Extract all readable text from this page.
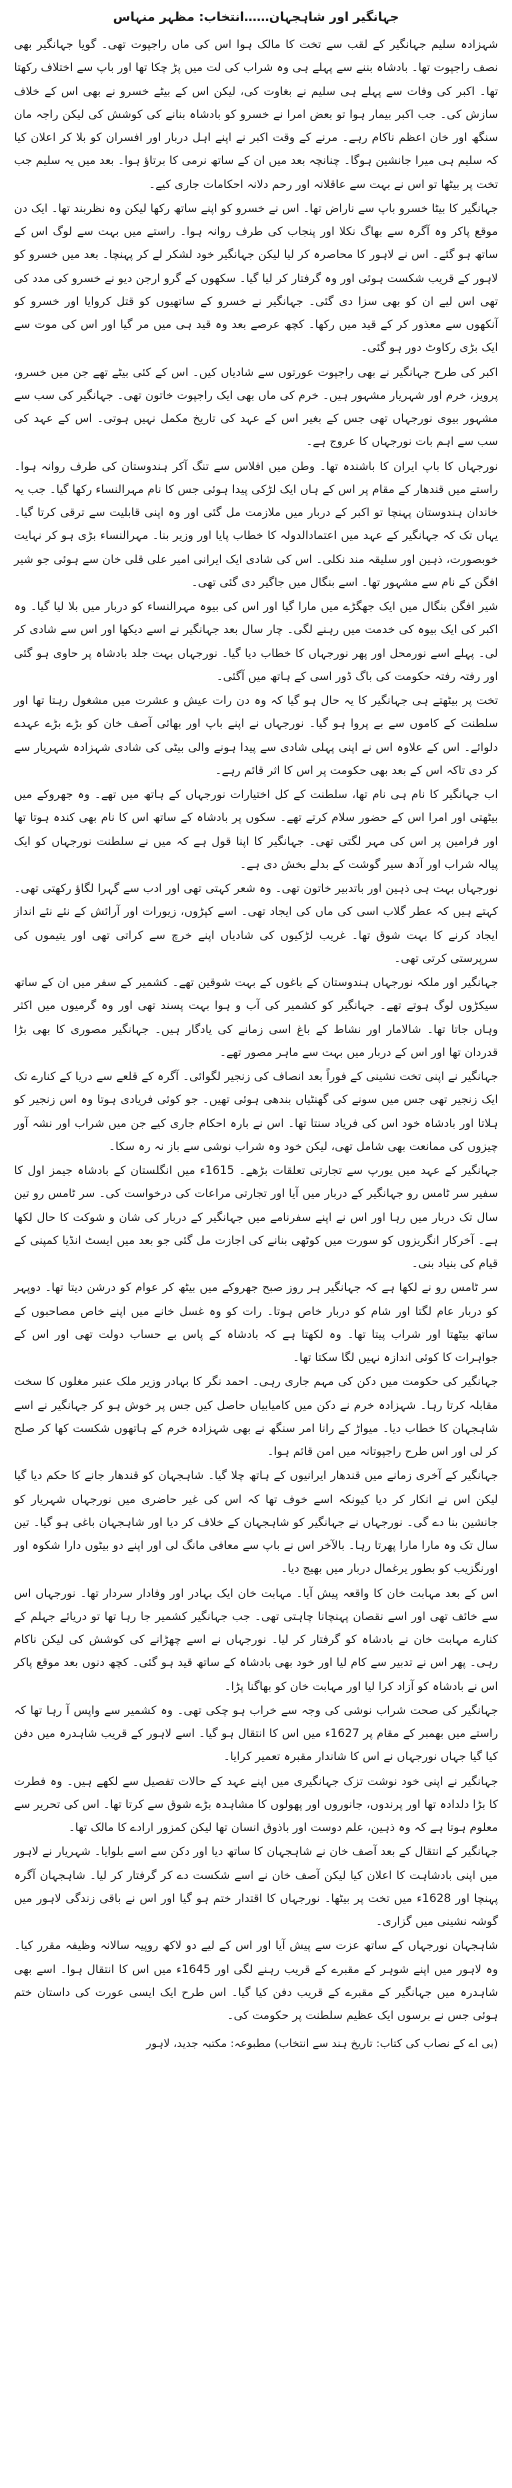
جہانگیر اور شاہجہان……انتخاب: مظہر منہاس

شہزادہ سلیم جہانگیر کے لقب سے تخت کا مالک ہوا اس کی ماں راجپوت تھی۔ گویا جہانگیر بھی نصف راجپوت تھا۔ بادشاہ بننے سے پہلے ہی وہ شراب کی لت میں پڑ چکا تھا اور باپ سے اختلاف رکھتا تھا۔ اکبر کی وفات سے پہلے ہی سلیم نے بغاوت کی، لیکن اس کے بیٹے خسرو نے بھی اس کے خلاف سازش کی۔ جب اکبر بیمار ہوا تو بعض امرا نے خسرو کو بادشاہ بنانے کی کوشش کی لیکن راجہ مان سنگھ اور خان اعظم ناکام رہے۔ مرنے کے وقت اکبر نے اپنے اہل دربار اور افسران کو بلا کر اعلان کیا کہ سلیم ہی میرا جانشین ہوگا۔ چنانچہ بعد میں ان کے ساتھ نرمی کا برتاؤ ہوا۔ بعد میں یہ سلیم جب تخت پر بیٹھا تو اس نے بہت سے عاقلانہ اور رحم دلانہ احکامات جاری کیے۔

جہانگیر کا بیٹا خسرو باپ سے ناراض تھا۔ اس نے خسرو کو اپنے ساتھ رکھا لیکن وہ نظربند تھا۔ ایک دن موقع پاکر وہ آگرہ سے بھاگ نکلا اور پنجاب کی طرف روانہ ہوا۔ راستے میں بہت سے لوگ اس کے ساتھ ہو گئے۔ اس نے لاہور کا محاصرہ کر لیا لیکن جہانگیر خود لشکر لے کر پہنچا۔ بعد میں خسرو کو لاہور کے قریب شکست ہوئی اور وہ گرفتار کر لیا گیا۔ سکھوں کے گرو ارجن دیو نے خسرو کی مدد کی تھی اس لیے ان کو بھی سزا دی گئی۔ جہانگیر نے خسرو کے ساتھیوں کو قتل کروایا اور خسرو کو آنکھوں سے معذور کر کے قید میں رکھا۔ کچھ عرصے بعد وہ قید ہی میں مر گیا اور اس کی موت سے ایک بڑی رکاوٹ دور ہو گئی۔

اکبر کی طرح جہانگیر نے بھی راجپوت عورتوں سے شادیاں کیں۔ اس کے کئی بیٹے تھے جن میں خسرو، پرویز، خرم اور شہریار مشہور ہیں۔ خرم کی ماں بھی ایک راجپوت خاتون تھی۔ جہانگیر کی سب سے مشہور بیوی نورجہاں تھی جس کے بغیر اس کے عہد کی تاریخ مکمل نہیں ہوتی۔ اس کے عہد کی سب سے اہم بات نورجہاں کا عروج ہے۔

نورجہاں کا باپ ایران کا باشندہ تھا۔ وطن میں افلاس سے تنگ آکر ہندوستان کی طرف روانہ ہوا۔ راستے میں قندھار کے مقام پر اس کے ہاں ایک لڑکی پیدا ہوئی جس کا نام مہرالنساء رکھا گیا۔ جب یہ خاندان ہندوستان پہنچا تو اکبر کے دربار میں ملازمت مل گئی اور وہ اپنی قابلیت سے ترقی کرتا گیا۔ یہاں تک کہ جہانگیر کے عہد میں اعتمادالدولہ کا خطاب پایا اور وزیر بنا۔ مہرالنساء بڑی ہو کر نہایت خوبصورت، ذہین اور سلیقہ مند نکلی۔ اس کی شادی ایک ایرانی امیر علی قلی خان سے ہوئی جو شیر افگن کے نام سے مشہور تھا۔ اسے بنگال میں جاگیر دی گئی تھی۔

شیر افگن بنگال میں ایک جھگڑے میں مارا گیا اور اس کی بیوہ مہرالنساء کو دربار میں بلا لیا گیا۔ وہ اکبر کی ایک بیوہ کی خدمت میں رہنے لگی۔ چار سال بعد جہانگیر نے اسے دیکھا اور اس سے شادی کر لی۔ پہلے اسے نورمحل اور پھر نورجہاں کا خطاب دیا گیا۔ نورجہاں بہت جلد بادشاہ پر حاوی ہو گئی اور رفتہ رفتہ حکومت کی باگ ڈور اسی کے ہاتھ میں آگئی۔

تخت پر بیٹھتے ہی جہانگیر کا یہ حال ہو گیا کہ وہ دن رات عیش و عشرت میں مشغول رہتا تھا اور سلطنت کے کاموں سے بے پروا ہو گیا۔ نورجہاں نے اپنے باپ اور بھائی آصف خان کو بڑے بڑے عہدے دلوائے۔ اس کے علاوہ اس نے اپنی پہلی شادی سے پیدا ہونے والی بیٹی کی شادی شہزادہ شہریار سے کر دی تاکہ اس کے بعد بھی حکومت پر اس کا اثر قائم رہے۔

اب جہانگیر کا نام ہی نام تھا، سلطنت کے کل اختیارات نورجہاں کے ہاتھ میں تھے۔ وہ جھروکے میں بیٹھتی اور امرا اس کے حضور سلام کرتے تھے۔ سکوں پر بادشاہ کے ساتھ اس کا نام بھی کندہ ہوتا تھا اور فرامین پر اس کی مہر لگتی تھی۔ جہانگیر کا اپنا قول ہے کہ میں نے سلطنت نورجہاں کو ایک پیالہ شراب اور آدھ سیر گوشت کے بدلے بخش دی ہے۔

نورجہاں بہت ہی ذہین اور باتدبیر خاتون تھی۔ وہ شعر کہتی تھی اور ادب سے گہرا لگاؤ رکھتی تھی۔ کہتے ہیں کہ عطر گلاب اسی کی ماں کی ایجاد تھی۔ اسے کپڑوں، زیورات اور آرائش کے نئے نئے انداز ایجاد کرنے کا بہت شوق تھا۔ غریب لڑکیوں کی شادیاں اپنے خرچ سے کراتی تھی اور یتیموں کی سرپرستی کرتی تھی۔

جہانگیر اور ملکہ نورجہاں ہندوستان کے باغوں کے بہت شوقین تھے۔ کشمیر کے سفر میں ان کے ساتھ سیکڑوں لوگ ہوتے تھے۔ جہانگیر کو کشمیر کی آب و ہوا بہت پسند تھی اور وہ گرمیوں میں اکثر وہاں جاتا تھا۔ شالامار اور نشاط کے باغ اسی زمانے کی یادگار ہیں۔ جہانگیر مصوری کا بھی بڑا قدردان تھا اور اس کے دربار میں بہت سے ماہر مصور تھے۔

جہانگیر نے اپنی تخت نشینی کے فوراً بعد انصاف کی زنجیر لگوائی۔ آگرہ کے قلعے سے دریا کے کنارے تک ایک زنجیر تھی جس میں سونے کی گھنٹیاں بندھی ہوئی تھیں۔ جو کوئی فریادی ہوتا وہ اس زنجیر کو ہلاتا اور بادشاہ خود اس کی فریاد سنتا تھا۔ اس نے بارہ احکام جاری کیے جن میں شراب اور نشہ آور چیزوں کی ممانعت بھی شامل تھی، لیکن خود وہ شراب نوشی سے باز نہ رہ سکا۔

جہانگیر کے عہد میں یورپ سے تجارتی تعلقات بڑھے۔ 1615ء میں انگلستان کے بادشاہ جیمز اول کا سفیر سر ٹامس رو جہانگیر کے دربار میں آیا اور تجارتی مراعات کی درخواست کی۔ سر ٹامس رو تین سال تک دربار میں رہا اور اس نے اپنے سفرنامے میں جہانگیر کے دربار کی شان و شوکت کا حال لکھا ہے۔ آخرکار انگریزوں کو سورت میں کوٹھی بنانے کی اجازت مل گئی جو بعد میں ایسٹ انڈیا کمپنی کے قیام کی بنیاد بنی۔

سر ٹامس رو نے لکھا ہے کہ جہانگیر ہر روز صبح جھروکے میں بیٹھ کر عوام کو درشن دیتا تھا۔ دوپہر کو دربار عام لگتا اور شام کو دربار خاص ہوتا۔ رات کو وہ غسل خانے میں اپنے خاص مصاحبوں کے ساتھ بیٹھتا اور شراب پیتا تھا۔ وہ لکھتا ہے کہ بادشاہ کے پاس بے حساب دولت تھی اور اس کے جواہرات کا کوئی اندازہ نہیں لگا سکتا تھا۔

جہانگیر کی حکومت میں دکن کی مہم جاری رہی۔ احمد نگر کا بہادر وزیر ملک عنبر مغلوں کا سخت مقابلہ کرتا رہا۔ شہزادہ خرم نے دکن میں کامیابیاں حاصل کیں جس پر خوش ہو کر جہانگیر نے اسے شاہجہان کا خطاب دیا۔ میواڑ کے رانا امر سنگھ نے بھی شہزادہ خرم کے ہاتھوں شکست کھا کر صلح کر لی اور اس طرح راجپوتانہ میں امن قائم ہوا۔

جہانگیر کے آخری زمانے میں قندھار ایرانیوں کے ہاتھ چلا گیا۔ شاہجہان کو قندھار جانے کا حکم دیا گیا لیکن اس نے انکار کر دیا کیونکہ اسے خوف تھا کہ اس کی غیر حاضری میں نورجہاں شہریار کو جانشین بنا دے گی۔ نورجہاں نے جہانگیر کو شاہجہان کے خلاف کر دیا اور شاہجہان باغی ہو گیا۔ تین سال تک وہ مارا مارا پھرتا رہا۔ بالآخر اس نے باپ سے معافی مانگ لی اور اپنے دو بیٹوں دارا شکوہ اور اورنگزیب کو بطور یرغمال دربار میں بھیج دیا۔

اس کے بعد مہابت خان کا واقعہ پیش آیا۔ مہابت خان ایک بہادر اور وفادار سردار تھا۔ نورجہاں اس سے خائف تھی اور اسے نقصان پہنچانا چاہتی تھی۔ جب جہانگیر کشمیر جا رہا تھا تو دریائے جہلم کے کنارے مہابت خان نے بادشاہ کو گرفتار کر لیا۔ نورجہاں نے اسے چھڑانے کی کوشش کی لیکن ناکام رہی۔ پھر اس نے تدبیر سے کام لیا اور خود بھی بادشاہ کے ساتھ قید ہو گئی۔ کچھ دنوں بعد موقع پاکر اس نے بادشاہ کو آزاد کرا لیا اور مہابت خان کو بھاگنا پڑا۔

جہانگیر کی صحت شراب نوشی کی وجہ سے خراب ہو چکی تھی۔ وہ کشمیر سے واپس آ رہا تھا کہ راستے میں بھمبر کے مقام پر 1627ء میں اس کا انتقال ہو گیا۔ اسے لاہور کے قریب شاہدرہ میں دفن کیا گیا جہاں نورجہاں نے اس کا شاندار مقبرہ تعمیر کرایا۔

جہانگیر نے اپنی خود نوشت تزک جہانگیری میں اپنے عہد کے حالات تفصیل سے لکھے ہیں۔ وہ فطرت کا بڑا دلدادہ تھا اور پرندوں، جانوروں اور پھولوں کا مشاہدہ بڑے شوق سے کرتا تھا۔ اس کی تحریر سے معلوم ہوتا ہے کہ وہ ذہین، علم دوست اور باذوق انسان تھا لیکن کمزور ارادے کا مالک تھا۔

جہانگیر کے انتقال کے بعد آصف خان نے شاہجہان کا ساتھ دیا اور دکن سے اسے بلوایا۔ شہریار نے لاہور میں اپنی بادشاہت کا اعلان کیا لیکن آصف خان نے اسے شکست دے کر گرفتار کر لیا۔ شاہجہان آگرہ پہنچا اور 1628ء میں تخت پر بیٹھا۔ نورجہاں کا اقتدار ختم ہو گیا اور اس نے باقی زندگی لاہور میں گوشہ نشینی میں گزاری۔

شاہجہان نورجہاں کے ساتھ عزت سے پیش آیا اور اس کے لیے دو لاکھ روپیہ سالانہ وظیفہ مقرر کیا۔ وہ لاہور میں اپنے شوہر کے مقبرے کے قریب رہنے لگی اور 1645ء میں اس کا انتقال ہوا۔ اسے بھی شاہدرہ میں جہانگیر کے مقبرے کے قریب دفن کیا گیا۔ اس طرح ایک ایسی عورت کی داستان ختم ہوئی جس نے برسوں ایک عظیم سلطنت پر حکومت کی۔

(بی اے کے نصاب کی کتاب: تاریخ ہند سے انتخاب) مطبوعہ: مکتبہ جدید، لاہور
